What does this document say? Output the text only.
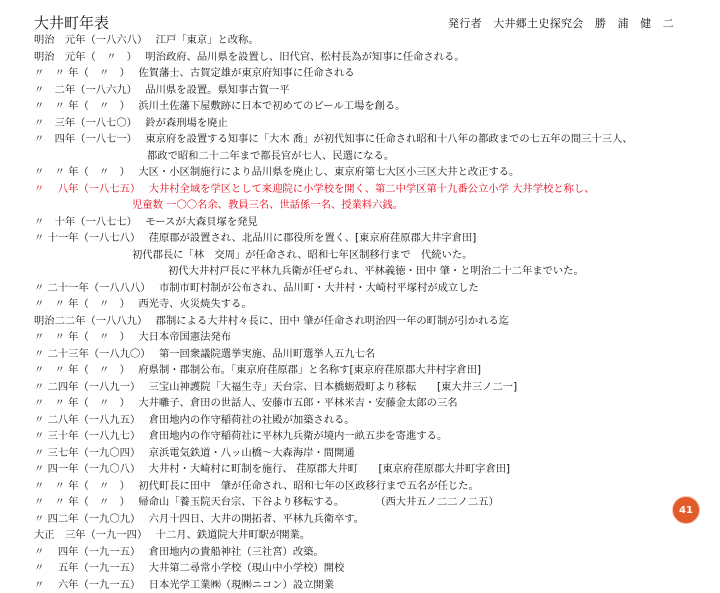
大井町年表	発行者　大井郷土史探究会　勝　浦　健　二
明治　元年（一八六八）　 江戸「東京」と改称。
明治　元年（　〃　）　 明治政府、品川県を設置し、旧代官、松村長為が知事に任命される。
〃　〃 年（　〃　）　 佐賀藩士、古賀定雄が東京府知事に任命される
〃　二年（一八六九）　 品川県を設置。県知事古賀一平
〃　〃 年（　〃　）　 浜川土佐藩下屋敷跡に日本で初めてのビール工場を創る。
〃　三年（一八七〇）　 鈴が森刑場を廃止
〃　四年（一八七一）　 東京府を設置する知事に「大木 喬」が初代知事に任命され昭和十八年の都政までの七五年の間三十三人、
都政で昭和二十二年まで都長官が七人、民選になる。
〃　〃 年（　〃　）　 大区・小区制施行により品川県を廃止し、東京府第七大区小三区大井と改正する。
〃　 八年（一八七五）　 大井村全域を学区として来迎院に小学校を開く、第二中学区第十九番公立小学 大井学校と称し、
児童数 一〇〇名余、教員三名、世話係一名、授業料六銭。
〃　十年（一八七七）　 モースが大森貝塚を発見
〃 十一年（一八七八）　 荏原郡が設置され、北品川に郡役所を置く、[東京府荏原郡大井字倉田]
初代郡長に「林　交周」が任命され、昭和七年区制移行まで　代続いた。
初代大井村戸長に平林九兵衛が任ぜられ、平林義徳・田中 肇・と明治二十二年までいた。
〃 二十一年（一八八八）　 市制市町村制が公布され、品川町・大井村・大崎村平塚村が成立した
〃　〃 年（　〃　）　 西光寺、火災焼失する。
明治二二年（一八八九）　 郡制による大井村々長に、田中 肇が任命され明治四一年の町制が引かれる迄
〃　〃 年（　〃　）　 大日本帝国憲法発布
〃 二十三年（一八九〇）　 第一回衆議院選挙実施、品川町選挙人五九七名
〃　〃 年（　〃　）　 府県制・郡制公布。「東京府荏原郡」と名称す[東京府荏原郡大井村字倉田]
〃 二四年（一八九一）　 三宝山神護院「大福生寺」天台宗、日本橋蛎殻町より移転　　[東大井三ノ二一]
〃　〃 年（　〃　）　 大井囃子、倉田の世話人、安藤市五郎・平林米吉・安藤金太郎の三名
〃 二八年（一八九五）　 倉田地内の作守稲荷社の社殿が加築される。
〃 三十年（一八九七）　 倉田地内の作守稲荷社に平林九兵衛が境内一畝五歩を寄進する。
〃 三七年（一九〇四）　 京浜電気鉄道・八ッ山橋〜大森海岸・間開通
〃 四一年（一九〇八）　 大井村・大崎村に町制を施行、 荏原郡大井町　　[東京府荏原郡大井町字倉田]
〃　〃 年（　〃　）　 初代町長に田中　肇が任命され、昭和七年の区政移行まで五名が任じた。
〃　〃 年（　〃　）　 帰命山「養玉院天台宗、下谷より移転する。　　　　（西大井五ノ二二ノ二五）
〃 四二年（一九〇九）　 六月十四日、大井の開拓者、平林九兵衛卒す。
大正　三年（一九一四）　 十二月、鉄道院大井町駅が開業。
〃　 四年（一九一五）　 倉田地内の貴船神社（三社宮）改築。
〃　 五年（一九一五）　 大井第二尋常小学校（現山中小学校）開校
〃　 六年（一九一五）　 日本光学工業㈱（現㈱ニコン）設立開業
41
